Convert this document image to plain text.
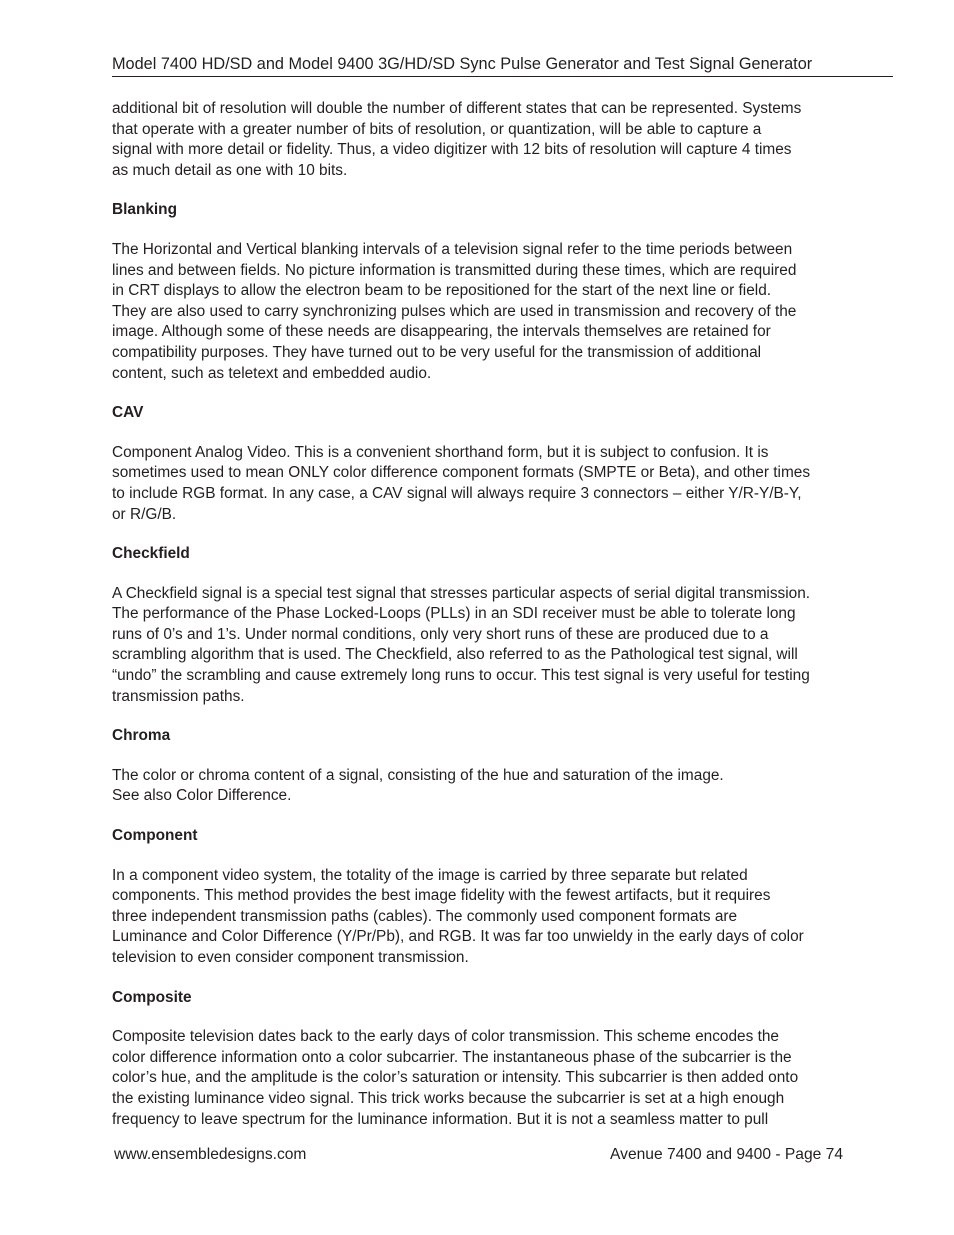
Model 7400 HD/SD and Model 9400 3G/HD/SD Sync Pulse Generator and Test Signal Generator

additional bit of resolution will double the number of different states that can be represented. Systems
that operate with a greater number of bits of resolution, or quantization, will be able to capture a
signal with more detail or fidelity. Thus, a video digitizer with 12 bits of resolution will capture 4 times
as much detail as one with 10 bits.

Blanking

The Horizontal and Vertical blanking intervals of a television signal refer to the time periods between
lines and between fields. No picture information is transmitted during these times, which are required
in CRT displays to allow the electron beam to be repositioned for the start of the next line or field.
They are also used to carry synchronizing pulses which are used in transmission and recovery of the
image. Although some of these needs are disappearing, the intervals themselves are retained for
compatibility purposes. They have turned out to be very useful for the transmission of additional
content, such as teletext and embedded audio.

CAV

Component Analog Video. This is a convenient shorthand form, but it is subject to confusion. It is
sometimes used to mean ONLY color difference component formats (SMPTE or Beta), and other times
to include RGB format. In any case, a CAV signal will always require 3 connectors – either Y/R-Y/B-Y,
or R/G/B.

Checkfield

A Checkfield signal is a special test signal that stresses particular aspects of serial digital transmission.
The performance of the Phase Locked-Loops (PLLs) in an SDI receiver must be able to tolerate long
runs of 0’s and 1’s. Under normal conditions, only very short runs of these are produced due to a
scrambling algorithm that is used. The Checkfield, also referred to as the Pathological test signal, will
“undo” the scrambling and cause extremely long runs to occur. This test signal is very useful for testing
transmission paths.

Chroma

The color or chroma content of a signal, consisting of the hue and saturation of the image.
See also Color Difference.

Component

In a component video system, the totality of the image is carried by three separate but related
components. This method provides the best image fidelity with the fewest artifacts, but it requires
three independent transmission paths (cables). The commonly used component formats are
Luminance and Color Difference (Y/Pr/Pb), and RGB. It was far too unwieldy in the early days of color
television to even consider component transmission.

Composite

Composite television dates back to the early days of color transmission. This scheme encodes the
color difference information onto a color subcarrier. The instantaneous phase of the subcarrier is the
color’s hue, and the amplitude is the color’s saturation or intensity. This subcarrier is then added onto
the existing luminance video signal. This trick works because the subcarrier is set at a high enough
frequency to leave spectrum for the luminance information. But it is not a seamless matter to pull

www.ensembledesigns.com	Avenue 7400 and 9400 - Page 74
